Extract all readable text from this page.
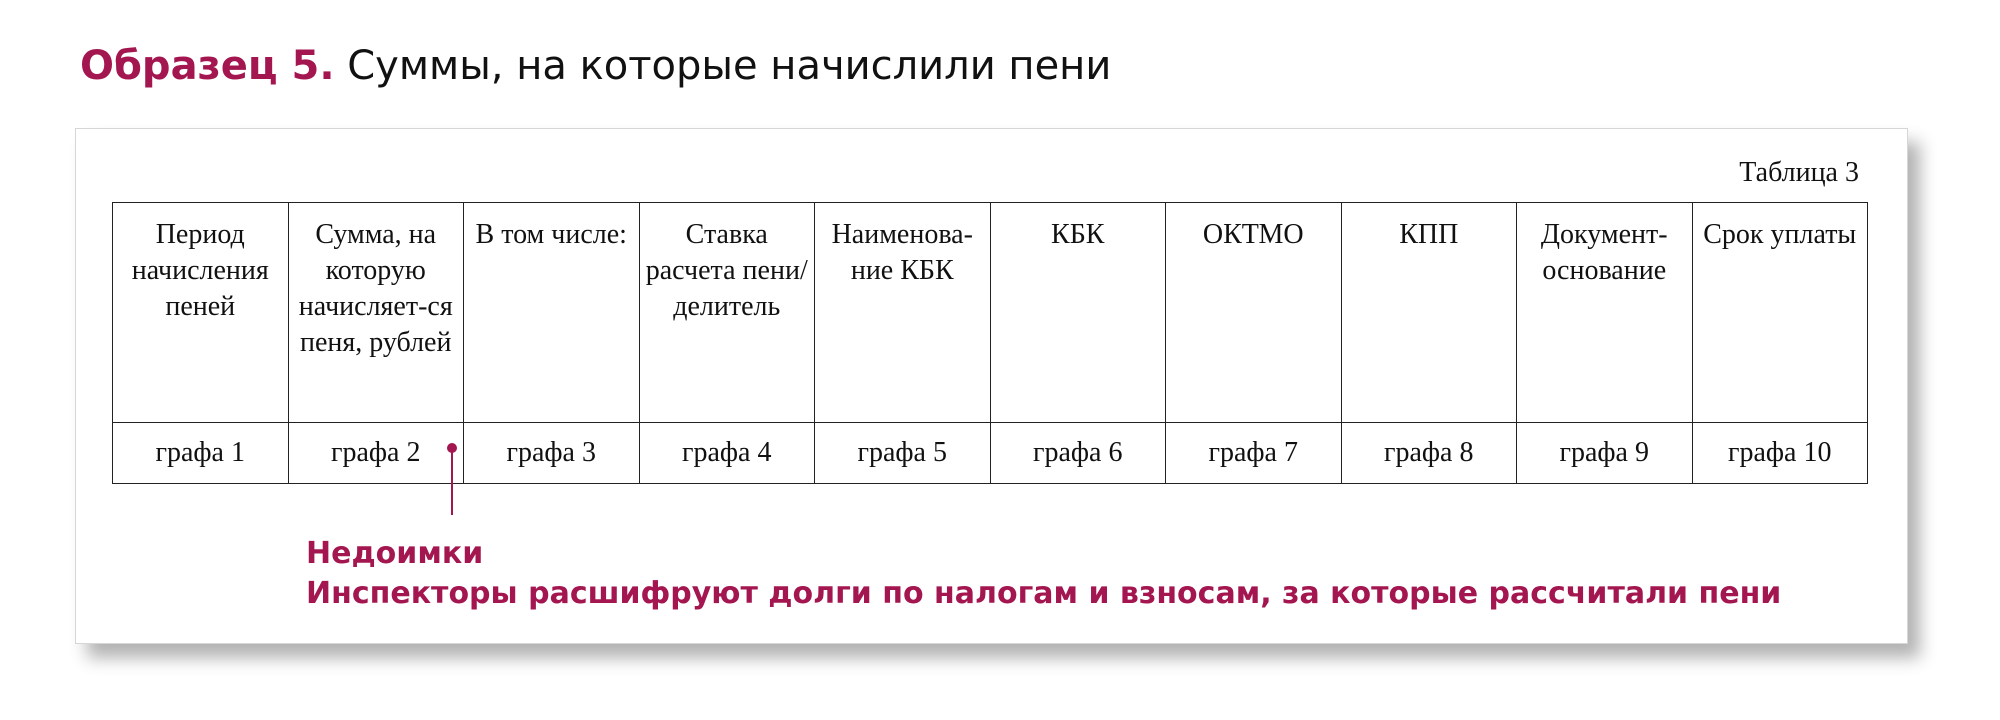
Образец 5. Суммы, на которые начислили пени
Таблица 3
Период начисления пеней	Сумма, на которую начисляет-ся пеня, рублей	В том числе:	Ставка расчета пени/ делитель	Наименова-ние КБК	КБК	ОКТМО	КПП	Документ-основание	Срок уплаты
графа 1	графа 2	графа 3	графа 4	графа 5	графа 6	графа 7	графа 8	графа 9	графа 10
Недоимки
Инспекторы расшифруют долги по налогам и взносам, за которые рассчитали пени
